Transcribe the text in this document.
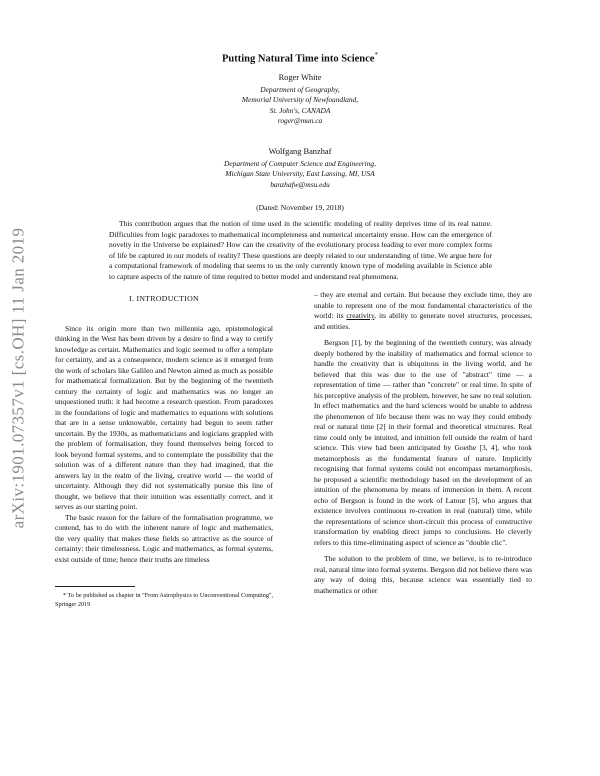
arXiv:1901.07357v1 [cs.OH] 11 Jan 2019
Putting Natural Time into Science*
Roger White
Department of Geography,
Memorial University of Newfoundland,
St. John's, CANADA
roger@mun.ca
Wolfgang Banzhaf
Department of Computer Science and Engineering,
Michigan State University, East Lansing, MI, USA
banzhafw@msu.edu
(Dated: November 19, 2018)

This contribution argues that the notion of time used in the scientific modeling of reality deprives time of its real nature. Difficulties from logic paradoxes to mathematical incompleteness and numerical uncertainty ensue. How can the emergence of novelty in the Universe be explained? How can the creativity of the evolutionary process leading to ever more complex forms of life be captured in our models of reality? These questions are deeply related to our understanding of time. We argue here for a computational framework of modeling that seems to us the only currently known type of modeling available in Science able to capture aspects of the nature of time required to better model and understand real phenomena.

I. INTRODUCTION

Since its origin more than two millennia ago, epistemological thinking in the West has been driven by a desire to find a way to certify knowledge as certain. Mathematics and logic seemed to offer a template for certainty, and as a consequence, modern science as it emerged from the work of scholars like Galileo and Newton aimed as much as possible for mathematical formalization. But by the beginning of the twentieth century the certainty of logic and mathematics was no longer an unquestioned truth: it had become a research question. From paradoxes in the foundations of logic and mathematics to equations with solutions that are in a sense unknowable, certainty had begun to seem rather uncertain. By the 1930s, as mathematicians and logicians grappled with the problem of formalisation, they found themselves being forced to look beyond formal systems, and to contemplate the possibility that the solution was of a different nature than they had imagined, that the answers lay in the realm of the living, creative world — the world of uncertainty. Although they did not systematically pursue this line of thought, we believe that their intuition was essentially correct, and it serves as our starting point.

The basic reason for the failure of the formalisation programme, we contend, has to do with the inherent nature of logic and mathematics, the very quality that makes these fields so attractive as the source of certainty: their timelessness. Logic and mathematics, as formal systems, exist outside of time; hence their truths are timeless

* To be published as chapter in "From Astrophysics to Unconventional Computing", Springer 2019

– they are eternal and certain. But because they exclude time, they are unable to represent one of the most fundamental characteristics of the world: its creativity, its ability to generate novel structures, processes, and entities.

Bergson [1], by the beginning of the twentieth century, was already deeply bothered by the inability of mathematics and formal science to handle the creativity that is ubiquitous in the living world, and he believed that this was due to the use of "abstract" time — a representation of time — rather than "concrete" or real time. In spite of his perceptive analysis of the problem, however, he saw no real solution. In effect mathematics and the hard sciences would be unable to address the phenomenon of life because there was no way they could embody real or natural time [2] in their formal and theoretical structures. Real time could only be intuited, and intuition fell outside the realm of hard science. This view had been anticipated by Goethe [3, 4], who took metamorphosis as the fundamental feature of nature. Implicitly recognising that formal systems could not encompass metamorphosis, he proposed a scientific methodology based on the development of an intuition of the phenomena by means of immersion in them. A recent echo of Bergson is found in the work of Latour [5], who argues that existence involves continuous re-creation in real (natural) time, while the representations of science short-circuit this process of constructive transformation by enabling direct jumps to conclusions. He cleverly refers to this time-eliminating aspect of science as "double clic".

The solution to the problem of time, we believe, is to re-introduce real, natural time into formal systems. Bergson did not believe there was any way of doing this, because science was essentially tied to mathematics or other
